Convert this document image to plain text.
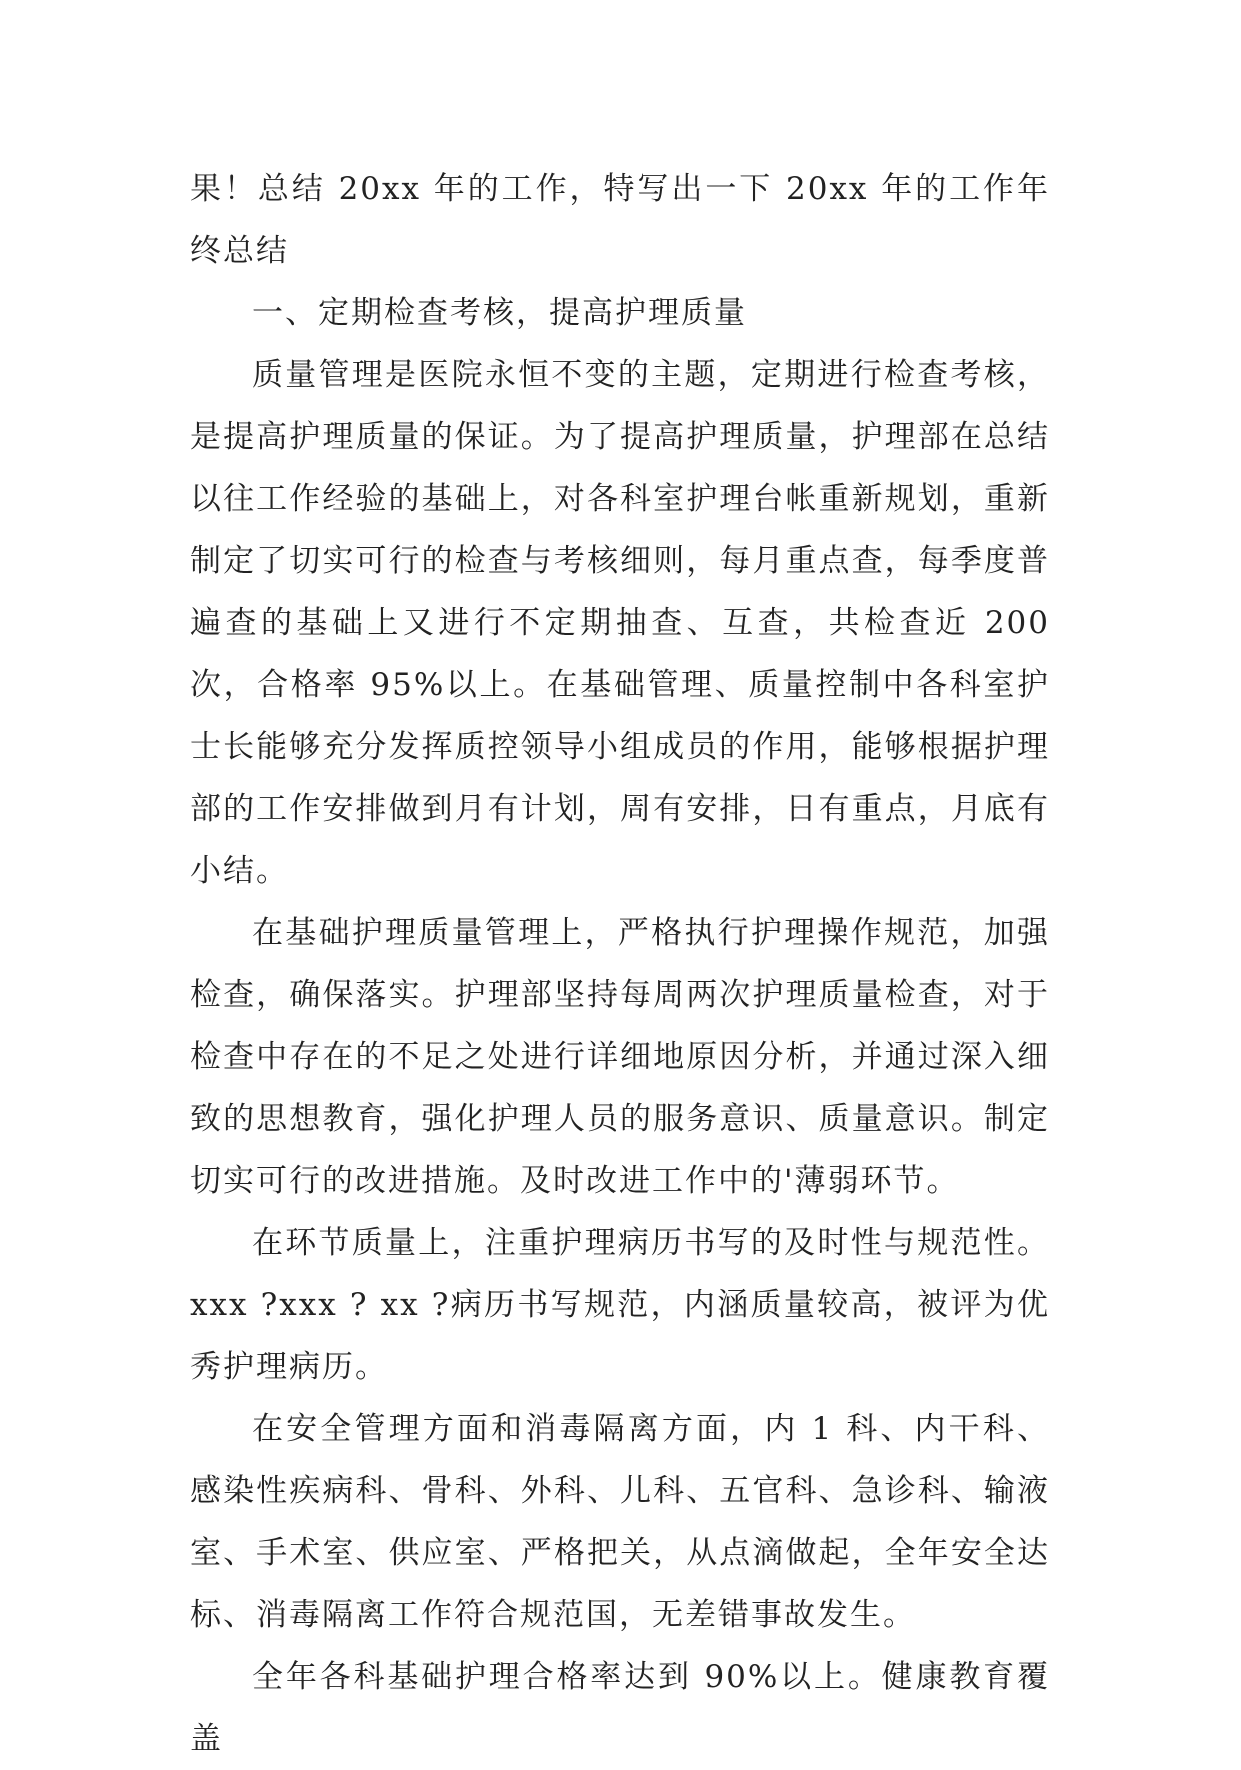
果！总结 20xx 年的工作，特写出一下 20xx 年的工作年终总结

一、定期检查考核，提高护理质量

质量管理是医院永恒不变的主题，定期进行检查考核，是提高护理质量的保证。为了提高护理质量，护理部在总结以往工作经验的基础上，对各科室护理台帐重新规划，重新制定了切实可行的检查与考核细则，每月重点查，每季度普遍查的基础上又进行不定期抽查、互查，共检查近 200 次，合格率 95%以上。在基础管理、质量控制中各科室护士长能够充分发挥质控领导小组成员的作用，能够根据护理部的工作安排做到月有计划，周有安排，日有重点，月底有小结。

在基础护理质量管理上，严格执行护理操作规范，加强检查，确保落实。护理部坚持每周两次护理质量检查，对于检查中存在的不足之处进行详细地原因分析，并通过深入细致的思想教育，强化护理人员的服务意识、质量意识。制定切实可行的改进措施。及时改进工作中的'薄弱环节。

在环节质量上，注重护理病历书写的及时性与规范性。xxx ?xxx ? xx ?病历书写规范，内涵质量较高，被评为优秀护理病历。

在安全管理方面和消毒隔离方面，内 1 科、内干科、感染性疾病科、骨科、外科、儿科、五官科、急诊科、输液室、手术室、供应室、严格把关，从点滴做起，全年安全达标、消毒隔离工作符合规范国，无差错事故发生。

全年各科基础护理合格率达到 90%以上。健康教育覆盖
